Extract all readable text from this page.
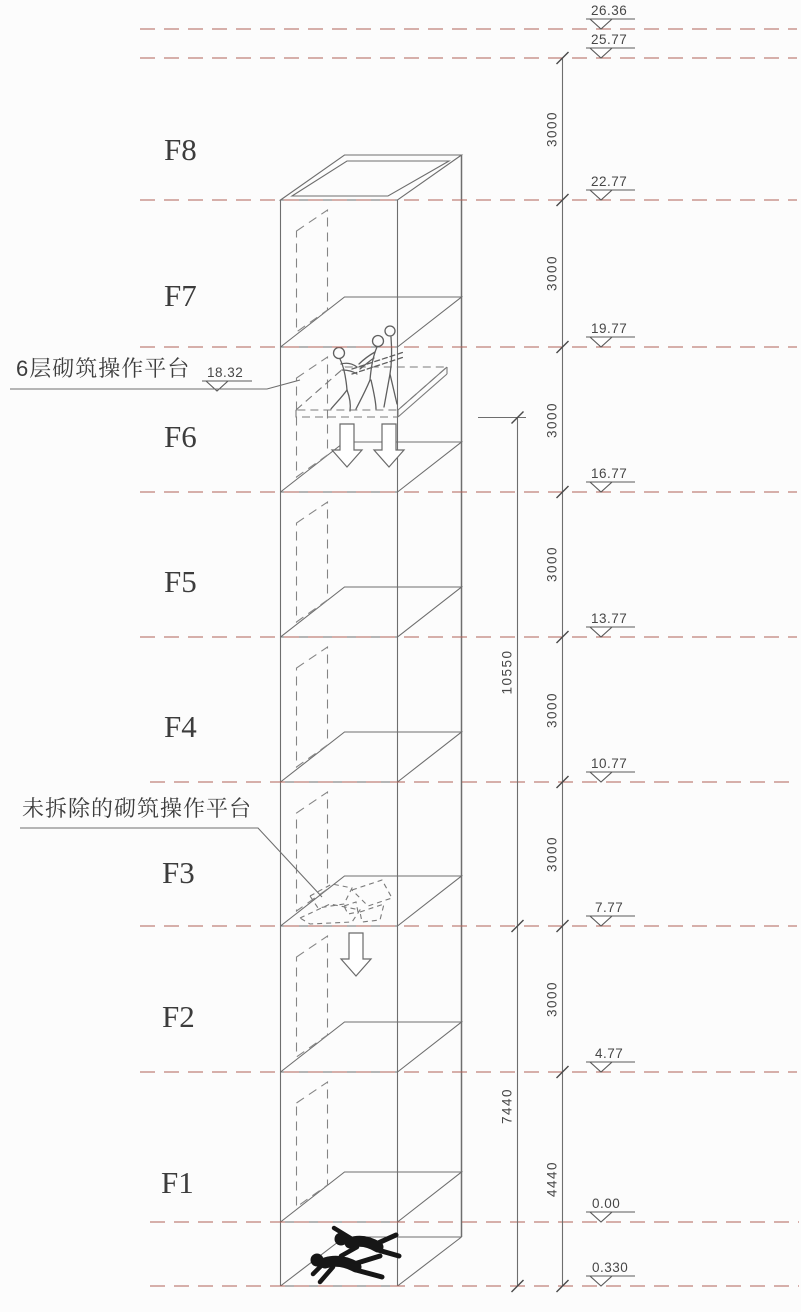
F8
F7
F6
F5
F4
F3
F2
F1
26.36
25.77
22.77
19.77
18.32
16.77
13.77
10.77
7.77
4.77
0.00
0.330
3000
3000
3000
3000
3000
3000
3000
4440
10550
7440
6层砌筑操作平台
未拆除的砌筑操作平台
